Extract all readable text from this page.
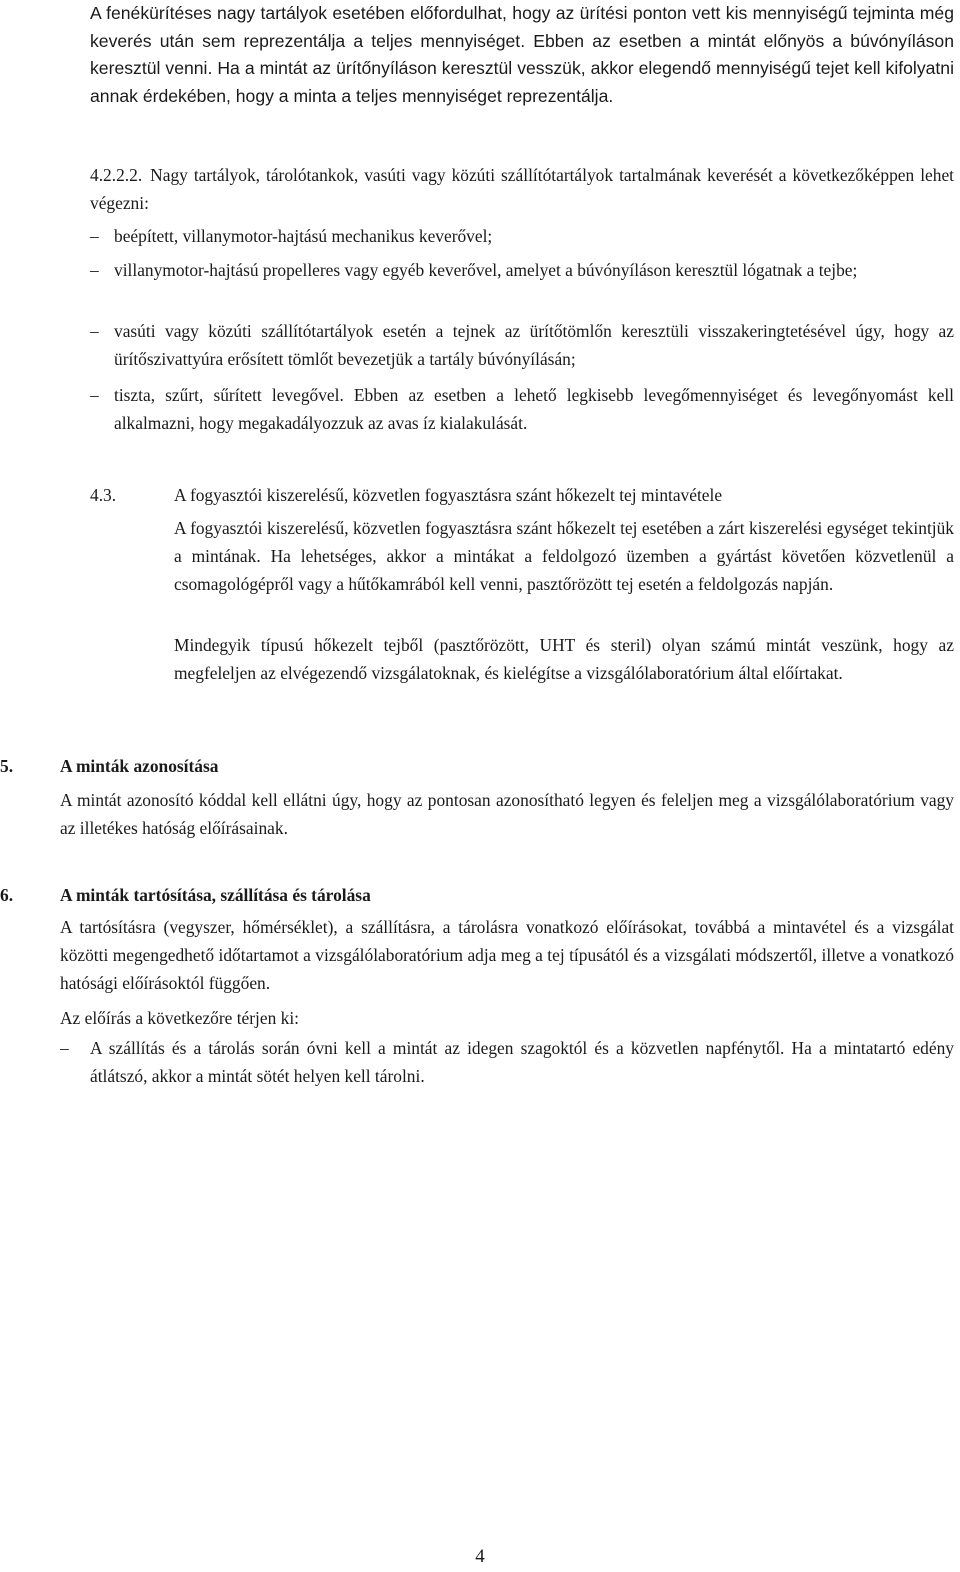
A fenékürítéses nagy tartályok esetében előfordulhat, hogy az ürítési ponton vett kis mennyiségű tejminta még keverés után sem reprezentálja a teljes mennyiséget. Ebben az esetben a mintát előnyös a búvónyíláson keresztül venni. Ha a mintát az ürítőnyíláson keresztül vesszük, akkor elegendő mennyiségű tejet kell kifolyatni annak érdekében, hogy a minta a teljes mennyiséget reprezentálja.

4.2.2.2. Nagy tartályok, tárolótankok, vasúti vagy közúti szállítótartályok tartalmának keverését a következőképpen lehet végezni:

– beépített, villanymotor-hajtású mechanikus keverővel;

– villanymotor-hajtású propelleres vagy egyéb keverővel, amelyet a búvónyíláson keresztül lógatnak a tejbe;

– vasúti vagy közúti szállítótartályok esetén a tejnek az ürítőtömlőn keresztüli visszakeringtetésével úgy, hogy az ürítőszivattyúra erősített tömlőt bevezetjük a tartály búvónyílásán;

– tiszta, szűrt, sűrített levegővel. Ebben az esetben a lehető legkisebb levegőmennyiséget és levegőnyomást kell alkalmazni, hogy megakadályozzuk az avas íz kialakulását.

4.3.	A fogyasztói kiszerelésű, közvetlen fogyasztásra szánt hőkezelt tej mintavétele

A fogyasztói kiszerelésű, közvetlen fogyasztásra szánt hőkezelt tej esetében a zárt kiszerelési egységet tekintjük a mintának. Ha lehetséges, akkor a mintákat a feldolgozó üzemben a gyártást követően közvetlenül a csomagológépről vagy a hűtőkamrából kell venni, pasztőrözött tej esetén a feldolgozás napján.

Mindegyik típusú hőkezelt tejből (pasztőrözött, UHT és steril) olyan számú mintát veszünk, hogy az megfeleljen az elvégezendő vizsgálatoknak, és kielégítse a vizsgálólaboratórium által előírtakat.

5.	A minták azonosítása

A mintát azonosító kóddal kell ellátni úgy, hogy az pontosan azonosítható legyen és feleljen meg a vizsgálólaboratórium vagy az illetékes hatóság előírásainak.

6.	A minták tartósítása, szállítása és tárolása

A tartósításra (vegyszer, hőmérséklet), a szállításra, a tárolásra vonatkozó előírásokat, továbbá a mintavétel és a vizsgálat közötti megengedhető időtartamot a vizsgálólaboratórium adja meg a tej típusától és a vizsgálati módszertől, illetve a vonatkozó hatósági előírásoktól függően.

Az előírás a következőre térjen ki:

– A szállítás és a tárolás során óvni kell a mintát az idegen szagoktól és a közvetlen napfénytől. Ha a mintatartó edény átlátszó, akkor a mintát sötét helyen kell tárolni.

4
